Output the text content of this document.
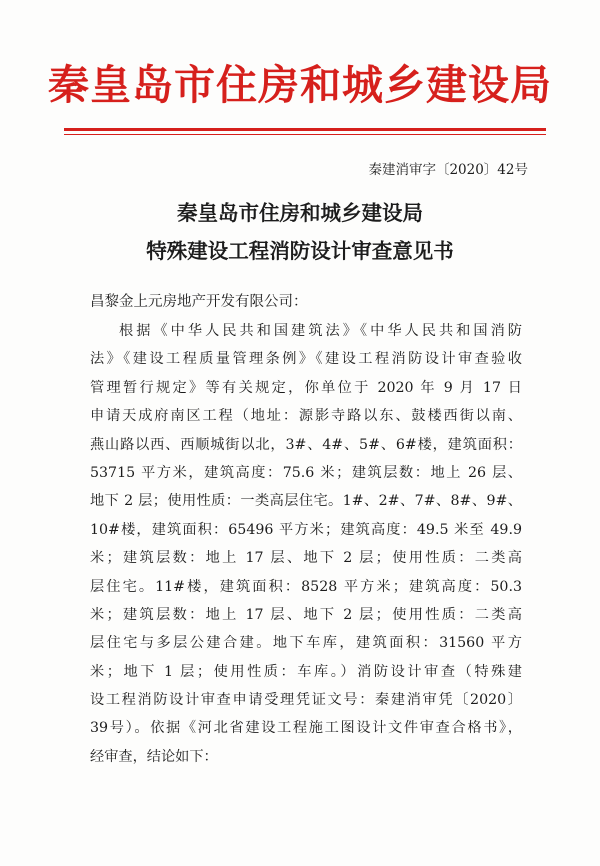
秦皇岛市住房和城乡建设局
秦建消审字〔2020〕42号
秦皇岛市住房和城乡建设局
特殊建设工程消防设计审查意见书
昌黎金上元房地产开发有限公司：
根据《中华人民共和国建筑法》《中华人民共和国消防
法》《建设工程质量管理条例》《建设工程消防设计审查验收
管理暂行规定》等有关规定，你单位于 2020 年 9 月 17 日
申请天成府南区工程（地址：源影寺路以东、鼓楼西街以南、
燕山路以西、西顺城街以北，3#、4#、5#、6#楼，建筑面积：
53715 平方米，建筑高度：75.6 米；建筑层数：地上 26 层、
地下 2 层；使用性质：一类高层住宅。1#、2#、7#、8#、9#、
10#楼，建筑面积：65496 平方米；建筑高度：49.5 米至 49.9
米；建筑层数：地上 17 层、地下 2 层；使用性质：二类高
层住宅。11#楼，建筑面积：8528 平方米；建筑高度：50.3
米；建筑层数：地上 17 层、地下 2 层；使用性质：二类高
层住宅与多层公建合建。地下车库，建筑面积：31560 平方
米；地下 1 层；使用性质：车库。）消防设计审查（特殊建
设工程消防设计审查申请受理凭证文号：秦建消审凭〔2020〕
39号）。依据《河北省建设工程施工图设计文件审查合格书》，
经审查，结论如下：
